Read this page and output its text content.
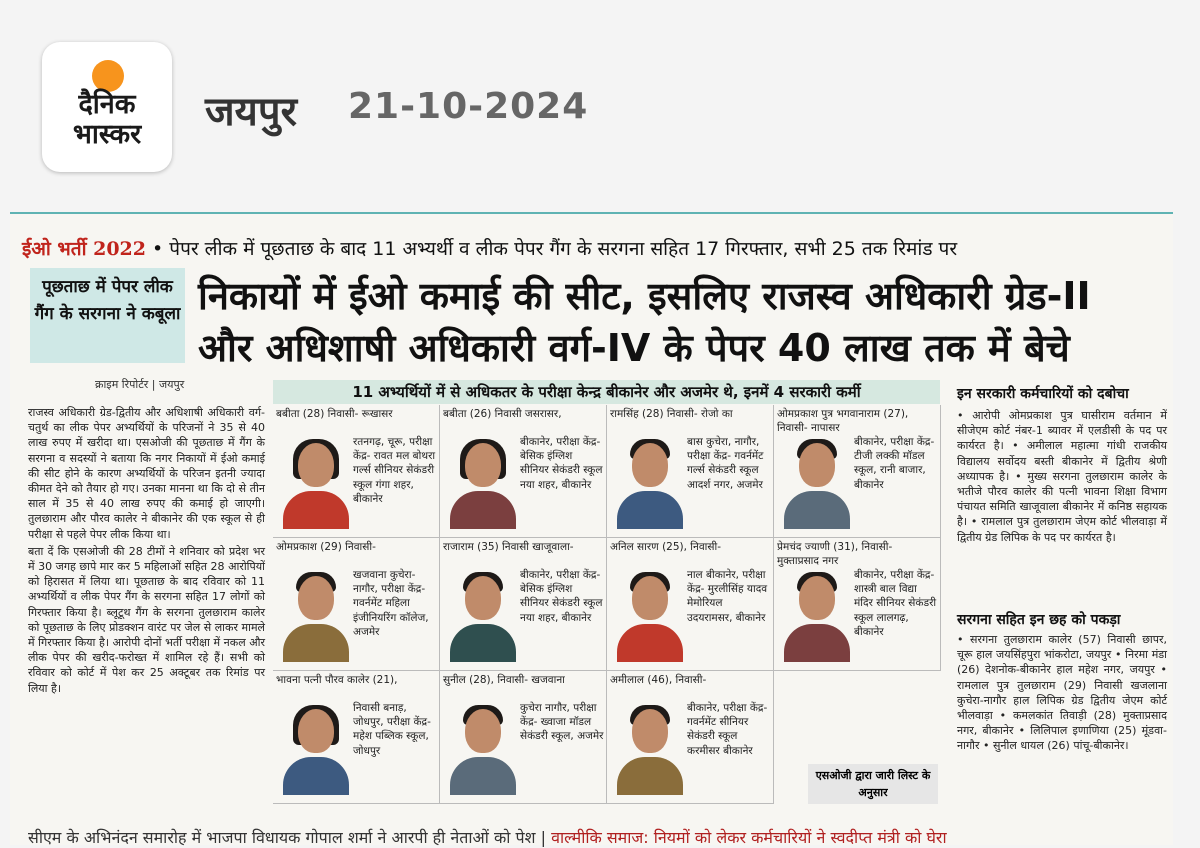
दैनिक
भास्कर	जयपुर 21-10-2024
ईओ भर्ती 2022 • पेपर लीक में पूछताछ के बाद 11 अभ्यर्थी व लीक पेपर गैंग के सरगना सहित 17 गिरफ्तार, सभी 25 तक रिमांड पर
पूछताछ में पेपर लीक गैंग के सरगना ने कबूला निकायों में ईओ कमाई की सीट, इसलिए राजस्व अधिकारी ग्रेड-II
और अधिशाषी अधिकारी वर्ग-IV के पेपर 40 लाख तक में बेचे
क्राइम रिपोर्टर | जयपुर

राजस्व अधिकारी ग्रेड-द्वितीय और अधिशाषी अधिकारी वर्ग-चतुर्थ का लीक पेपर अभ्यर्थियों के परिजनों ने 35 से 40 लाख रुपए में खरीदा था। एसओजी की पूछताछ में गैंग के सरगना व सदस्यों ने बताया कि नगर निकायों में ईओ कमाई की सीट होने के कारण अभ्यर्थियों के परिजन इतनी ज्यादा कीमत देने को तैयार हो गए। उनका मानना था कि दो से तीन साल में 35 से 40 लाख रुपए की कमाई हो जाएगी। तुलछाराम और पौरव कालेर ने बीकानेर की एक स्कूल से ही परीक्षा से पहले पेपर लीक किया था।

बता दें कि एसओजी की 28 टीमों ने शनिवार को प्रदेश भर में 30 जगह छापे मार कर 5 महिलाओं सहित 28 आरोपियों को हिरासत में लिया था। पूछताछ के बाद रविवार को 11 अभ्यर्थियों व लीक पेपर गैंग के सरगना सहित 17 लोगों को गिरफ्तार किया है। ब्लूटूथ गैंग के सरगना तुलछाराम कालेर को पूछताछ के लिए प्रोडक्शन वारंट पर जेल से लाकर मामले में गिरफ्तार किया है। आरोपी दोनों भर्ती परीक्षा में नकल और लीक पेपर की खरीद-फरोख्त में शामिल रहे हैं। सभी को रविवार को कोर्ट में पेश कर 25 अक्टूबर तक रिमांड पर लिया है।

11 अभ्यर्थियों में से अधिकतर के परीक्षा केन्द्र बीकानेर और अजमेर थे, इनमें 4 सरकारी कर्मी
बबीता (28) निवासी- रूखासर
रतनगढ़, चूरू, परीक्षा केंद्र- रावत मल बोथरा गर्ल्स सीनियर सेकंडरी स्कूल गंगा शहर, बीकानेर
बबीता (26) निवासी जसरासर,
बीकानेर, परीक्षा केंद्र- बेसिक इंग्लिश सीनियर सेकंडरी स्कूल नया शहर, बीकानेर
रामसिंह (28) निवासी- रोजो का
बास कुचेरा, नागौर, परीक्षा केंद्र- गवर्नमेंट गर्ल्स सेकंडरी स्कूल आदर्श नगर, अजमेर
ओमप्रकाश पुत्र भगवानाराम (27), निवासी- नापासर
बीकानेर, परीक्षा केंद्र- टीजी लक्की मॉडल स्कूल, रानी बाजार, बीकानेर
ओमप्रकाश (29) निवासी-
खजवाना कुचेरा-नागौर, परीक्षा केंद्र- गवर्नमेंट महिला इंजीनियरिंग कॉलेज, अजमेर
राजाराम (35) निवासी खाजूवाला-
बीकानेर, परीक्षा केंद्र- बेसिक इंग्लिश सीनियर सेकंडरी स्कूल नया शहर, बीकानेर
अनिल सारण (25), निवासी-
नाल बीकानेर, परीक्षा केंद्र- मुरलीसिंह यादव मेमोरियल उदयरामसर, बीकानेर
प्रेमचंद ज्याणी (31), निवासी- मुक्ताप्रसाद नगर
बीकानेर, परीक्षा केंद्र- शास्त्री बाल विद्या मंदिर सीनियर सेकंडरी स्कूल लालगढ़, बीकानेर
भावना पत्नी पौरव कालेर (21),
निवासी बनाड़, जोधपुर, परीक्षा केंद्र- महेश पब्लिक स्कूल, जोधपुर
सुनील (28), निवासी- खजवाना
कुचेरा नागौर, परीक्षा केंद्र- ख्वाजा मॉडल सेकंडरी स्कूल, अजमेर
अमीलाल (46), निवासी-
बीकानेर, परीक्षा केंद्र- गवर्नमेंट सीनियर सेकंडरी स्कूल करमीसर बीकानेर
एसओजी द्वारा जारी लिस्ट के अनुसार
इन सरकारी कर्मचारियों को दबोचा
• आरोपी ओमप्रकाश पुत्र घासीराम वर्तमान में सीजेएम कोर्ट नंबर-1 ब्यावर में एलडीसी के पद पर कार्यरत है। • अमीलाल महात्मा गांधी राजकीय विद्यालय सर्वोदय बस्ती बीकानेर में द्वितीय श्रेणी अध्यापक है। • मुख्य सरगना तुलछाराम कालेर के भतीजे पौरव कालेर की पत्नी भावना शिक्षा विभाग पंचायत समिति खाजूवाला बीकानेर में कनिष्ठ सहायक है। • रामलाल पुत्र तुलछाराम जेएम कोर्ट भीलवाड़ा में द्वितीय ग्रेड लिपिक के पद पर कार्यरत है।
सरगना सहित इन छह को पकड़ा
• सरगना तुलछाराम कालेर (57) निवासी छापर, चूरू हाल जयसिंहपुरा भांकरोटा, जयपुर • निरमा मंडा (26) देशनोक-बीकानेर हाल महेश नगर, जयपुर • रामलाल पुत्र तुलछाराम (29) निवासी खजलाना कुचेरा-नागौर हाल लिपिक ग्रेड द्वितीय जेएम कोर्ट भीलवाड़ा • कमलकांत तिवाड़ी (28) मुक्ताप्रसाद नगर, बीकानेर • लिलिपाल इणाणिया (25) मूंडवा-नागौर • सुनील धायल (26) पांचू-बीकानेर।
सीएम के अभिनंदन समारोह में भाजपा विधायक गोपाल शर्मा ने आरपी ही नेताओं को पेश | वाल्मीकि समाज: नियमों को लेकर कर्मचारियों ने स्वदीप्त मंत्री को घेरा
